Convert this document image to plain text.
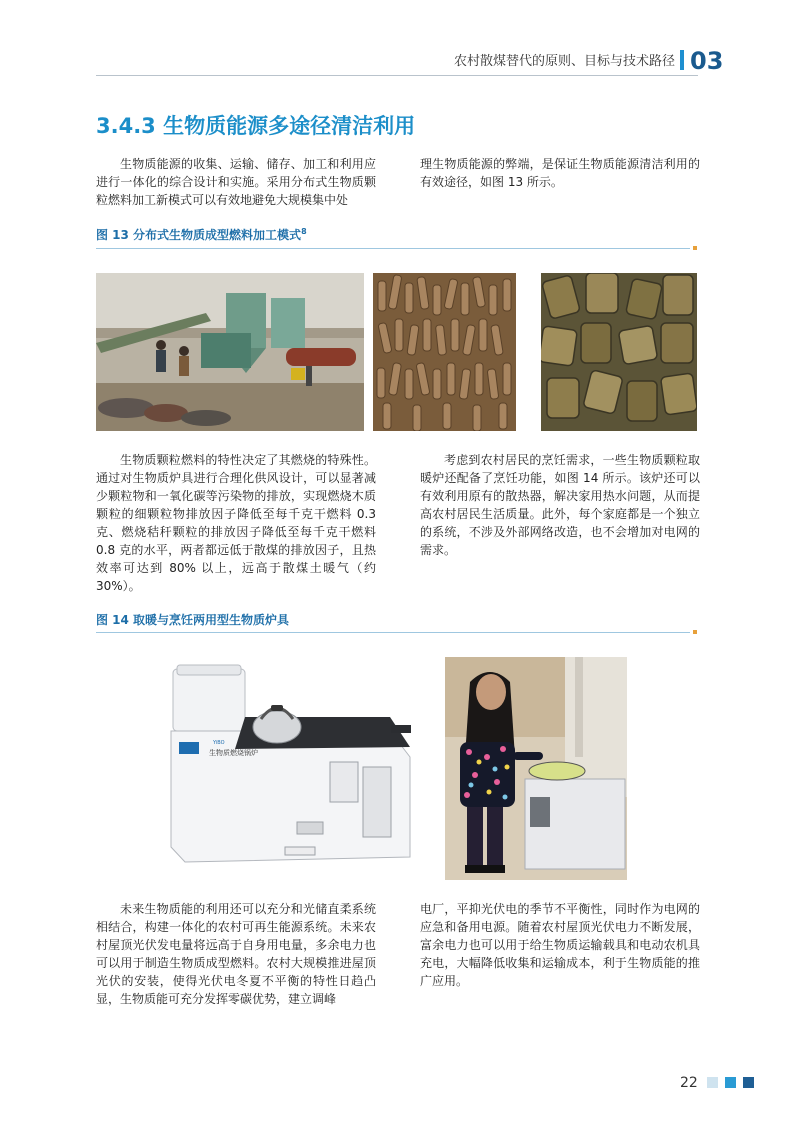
农村散煤替代的原则、目标与技术路径 03
3.4.3 生物质能源多途径清洁利用
生物质能源的收集、运输、储存、加工和利用应进行一体化的综合设计和实施。采用分布式生物质颗粒燃料加工新模式可以有效地避免大规模集中处
理生物质能源的弊端，是保证生物质能源清洁利用的有效途径，如图 13 所示。
图 13 分布式生物质成型燃料加工模式$^8$
生物质颗粒燃料的特性决定了其燃烧的特殊性。通过对生物质炉具进行合理化供风设计，可以显著减少颗粒物和一氧化碳等污染物的排放，实现燃烧木质颗粒的细颗粒物排放因子降低至每千克干燃料 0.3 克、燃烧秸秆颗粒的排放因子降低至每千克干燃料 0.8 克的水平，两者都远低于散煤的排放因子，且热效率可达到 80% 以上，远高于散煤土暖气（约 30%）。
考虑到农村居民的烹饪需求，一些生物质颗粒取暖炉还配备了烹饪功能，如图 14 所示。该炉还可以有效利用原有的散热器，解决家用热水问题，从而提高农村居民生活质量。此外，每个家庭都是一个独立的系统，不涉及外部网络改造，也不会增加对电网的需求。
图 14 取暖与烹饪两用型生物质炉具
生物质燃烧锅炉
YiBO
未来生物质能的利用还可以充分和光储直柔系统相结合，构建一体化的农村可再生能源系统。未来农村屋顶光伏发电量将远高于自身用电量，多余电力也可以用于制造生物质成型燃料。农村大规模推进屋顶光伏的安装，使得光伏电冬夏不平衡的特性日趋凸显，生物质能可充分发挥零碳优势，建立调峰
电厂，平抑光伏电的季节不平衡性，同时作为电网的应急和备用电源。随着农村屋顶光伏电力不断发展，富余电力也可以用于给生物质运输载具和电动农机具充电，大幅降低收集和运输成本，利于生物质能的推广应用。
22
